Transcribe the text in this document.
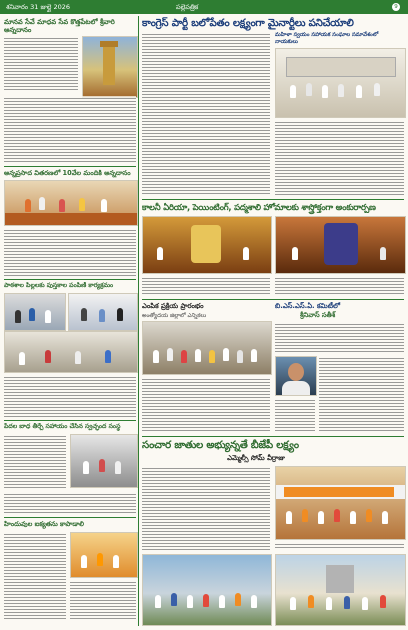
శనివారం 31 జుల్లై 2026	పల్లెపత్రిక	9
మానవ సేవే మాధవ సేవ కొత్తపేటలో శ్రీవారి అన్నదానం
అన్నప్రసాద వితరణలో 10వేల మందికి అన్నదానం
పాఠశాల పిల్లలకు పుస్తకాల పంపిణీ కార్యక్రమం
పేదల బాధ తీర్చే సహాయం చేసిన స్వచ్ఛంద సంస్థ
హిందువుల ఐక్యతను కాపాడాలి
కాంగ్రెస్ పార్టీ బలోపేతం లక్ష్యంగా మైనార్టీలు పనిచేయాలి
మహిళా స్వయం సహాయక సంఘాల సమావేశంలో నాయకులు
కాలనీ ఏరియా, పెయింటింగ్, పద్మశాలి హోమాలకు శాస్త్రోక్తంగా అంకురార్పణ
ఎంపిక ప్రక్రియ ప్రారంభం
అంత్యోదయ జిల్లాలో ఎన్నికలు
బి.ఎస్.ఎస్.ఏ. కమిటీలో
శ్రీనివాస్ సతీశ్
సంచార జాతుల అభ్యున్నతే బీజేపీ లక్ష్యం
ఎమ్మెల్సీ సోమ్ వీర్రాజు
